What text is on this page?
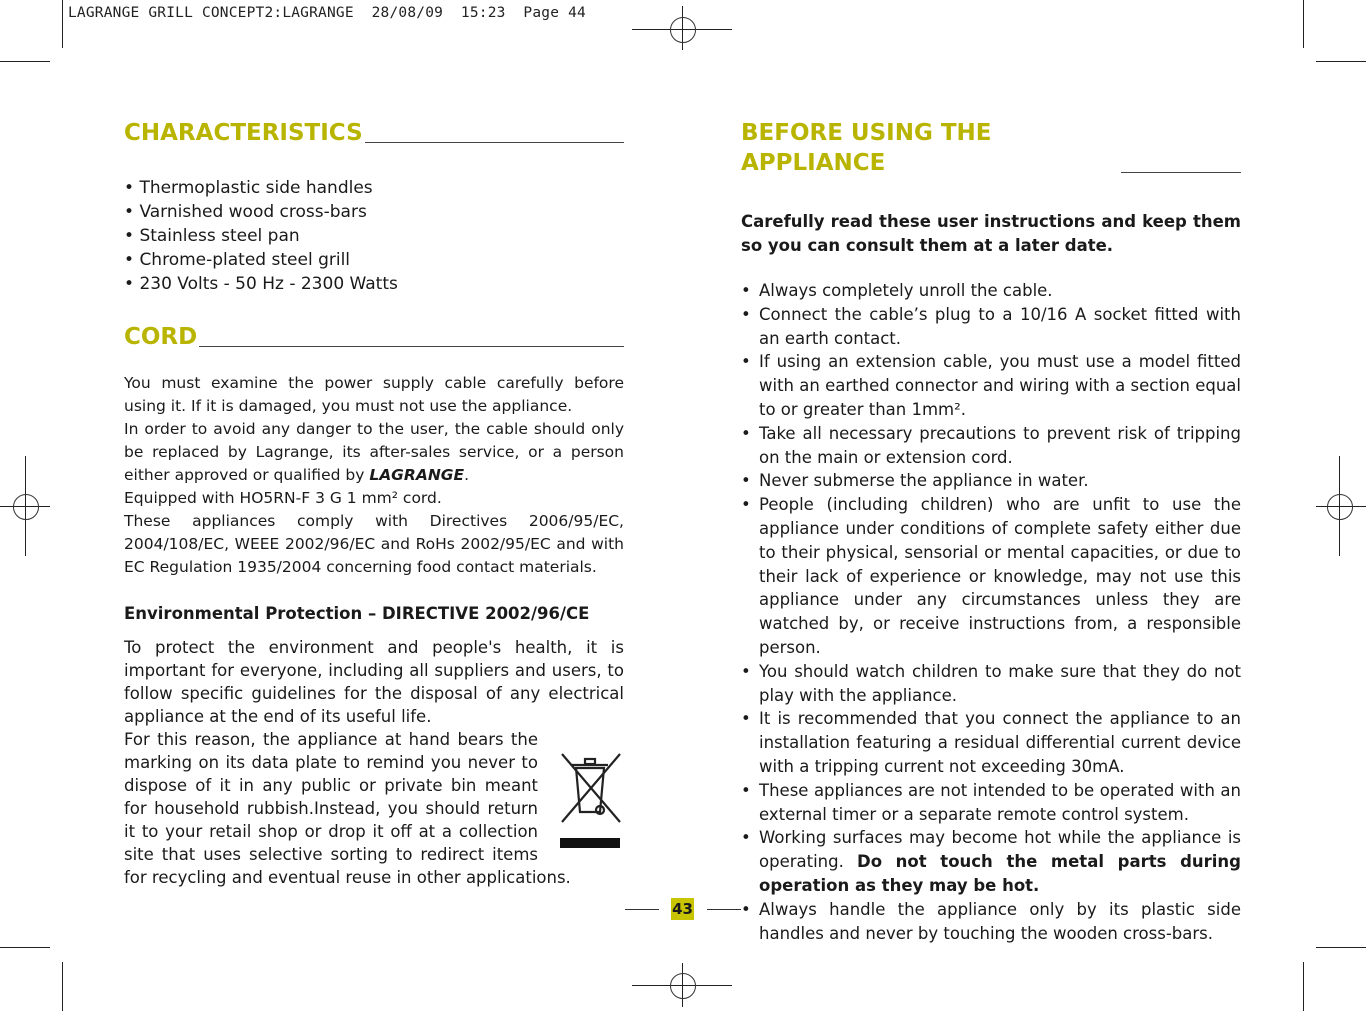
LAGRANGE GRILL CONCEPT2:LAGRANGE  28/08/09  15:23  Page 44
CHARACTERISTICS
• Thermoplastic side handles
• Varnished wood cross-bars
• Stainless steel pan
• Chrome-plated steel grill
• 230 Volts - 50 Hz - 2300 Watts
CORD
You must examine the power supply cable carefully before using it. If it is damaged, you must not use the appliance.
In order to avoid any danger to the user, the cable should only be replaced by Lagrange, its after-sales service, or a person either approved or qualified by LAGRANGE.
Equipped with HO5RN-F 3 G 1 mm² cord.
These appliances comply with Directives 2006/95/EC, 2004/108/EC, WEEE 2002/96/EC and RoHs 2002/95/EC and with EC Regulation 1935/2004 concerning food contact materials.
Environmental Protection – DIRECTIVE 2002/96/CE
To protect the environment and people's health, it is important for everyone, including all suppliers and users, to follow specific guidelines for the disposal of any electrical appliance at the end of its useful life.
For this reason, the appliance at hand bears the marking on its data plate to remind you never to dispose of it in any public or private bin meant for household rubbish.Instead, you should return it to your retail shop or drop it off at a collection site that uses selective sorting to redirect items for recycling and eventual reuse in other applications.
BEFORE USING THE APPLIANCE
Carefully read these user instructions and keep them so you can consult them at a later date.
• Always completely unroll the cable.
• Connect the cable’s plug to a 10/16 A socket fitted with an earth contact.
• If using an extension cable, you must use a model fitted with an earthed connector and wiring with a section equal to or greater than 1mm².
• Take all necessary precautions to prevent risk of tripping on the main or extension cord.
• Never submerse the appliance in water.
• People (including children) who are unfit to use the appliance under conditions of complete safety either due to their physical, sensorial or mental capacities, or due to their lack of experience or knowledge, may not use this appliance under any circumstances unless they are watched by, or receive instructions from, a responsible person.
• You should watch children to make sure that they do not play with the appliance.
• It is recommended that you connect the appliance to an installation featuring a residual differential current device with a tripping current not exceeding 30mA.
• These appliances are not intended to be operated with an external timer or a separate remote control system.
• Working surfaces may become hot while the appliance is operating. Do not touch the metal parts during operation as they may be hot.
• Always handle the appliance only by its plastic side handles and never by touching the wooden cross-bars.
43
